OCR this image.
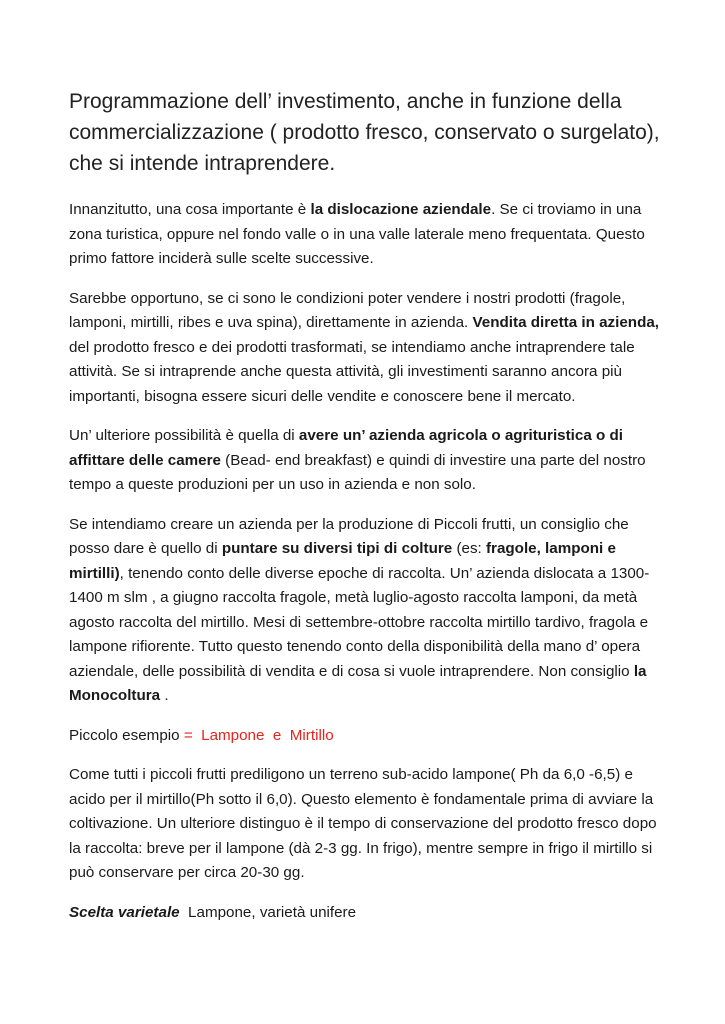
Programmazione dell’ investimento, anche in funzione della commercializzazione ( prodotto fresco, conservato o surgelato), che si intende intraprendere.

Innanzitutto, una cosa importante è la dislocazione aziendale. Se ci troviamo in una zona turistica, oppure nel fondo valle o in una valle laterale meno frequentata. Questo primo fattore inciderà sulle scelte successive.

Sarebbe opportuno, se ci sono le condizioni poter vendere i nostri prodotti (fragole, lamponi, mirtilli, ribes e uva spina), direttamente in azienda. Vendita diretta in azienda, del prodotto fresco e dei prodotti trasformati, se intendiamo anche intraprendere tale attività. Se si intraprende anche questa attività, gli investimenti saranno ancora più importanti, bisogna essere sicuri delle vendite e conoscere bene il mercato.

Un’ ulteriore possibilità è quella di avere un’ azienda agricola o agrituristica o di affittare delle camere (Bead- end breakfast) e quindi di investire una parte del nostro tempo a queste produzioni per un uso in azienda e non solo.

Se intendiamo creare un azienda per la produzione di Piccoli frutti, un consiglio che posso dare è quello di puntare su diversi tipi di colture (es: fragole, lamponi e mirtilli), tenendo conto delle diverse epoche di raccolta. Un’ azienda dislocata a 1300-1400 m slm , a giugno raccolta fragole, metà luglio-agosto raccolta lamponi, da metà agosto raccolta del mirtillo. Mesi di settembre-ottobre raccolta mirtillo tardivo, fragola e lampone rifiorente. Tutto questo tenendo conto della disponibilità della mano d’ opera aziendale, delle possibilità di vendita e di cosa si vuole intraprendere. Non consiglio la Monocoltura .

Piccolo esempio =  Lampone  e  Mirtillo

Come tutti i piccoli frutti prediligono un terreno sub-acido lampone( Ph da 6,0 -6,5) e acido per il mirtillo(Ph sotto il 6,0). Questo elemento è fondamentale prima di avviare la coltivazione. Un ulteriore distinguo è il tempo di conservazione del prodotto fresco dopo la raccolta: breve per il lampone (dà 2-3 gg. In frigo), mentre sempre in frigo il mirtillo si può conservare per circa 20-30 gg.

Scelta varietale  Lampone, varietà unifere
